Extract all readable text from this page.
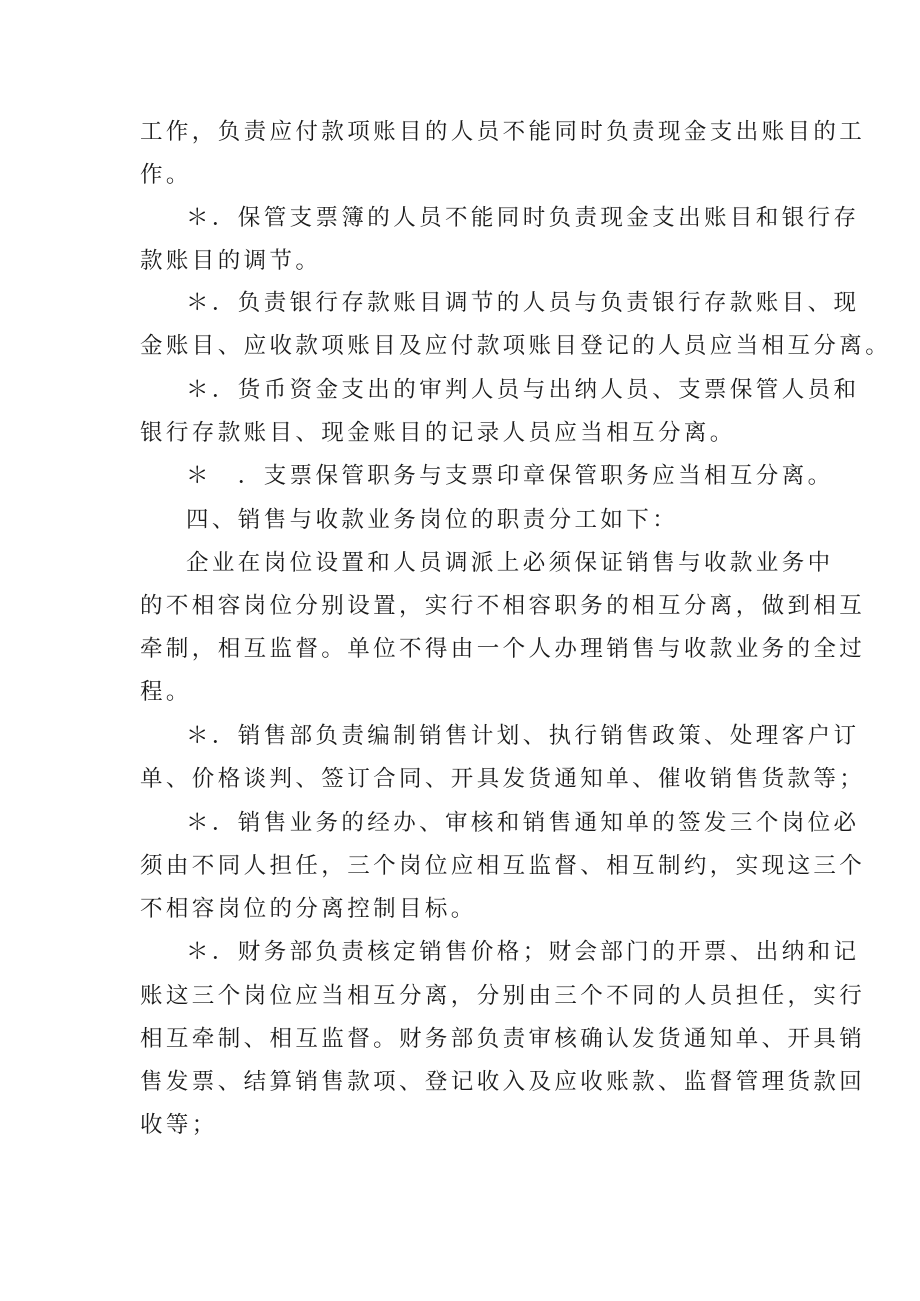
工作，负责应付款项账目的人员不能同时负责现金支出账目的工
作。
＊．保管支票簿的人员不能同时负责现金支出账目和银行存
款账目的调节。
＊．负责银行存款账目调节的人员与负责银行存款账目、现
金账目、应收款项账目及应付款项账目登记的人员应当相互分离。
＊．货币资金支出的审判人员与出纳人员、支票保管人员和
银行存款账目、现金账目的记录人员应当相互分离。
＊　．支票保管职务与支票印章保管职务应当相互分离。
四、销售与收款业务岗位的职责分工如下：
企业在岗位设置和人员调派上必须保证销售与收款业务中
的不相容岗位分别设置，实行不相容职务的相互分离，做到相互
牵制，相互监督。单位不得由一个人办理销售与收款业务的全过
程。
＊．销售部负责编制销售计划、执行销售政策、处理客户订
单、价格谈判、签订合同、开具发货通知单、催收销售货款等；
＊．销售业务的经办、审核和销售通知单的签发三个岗位必
须由不同人担任，三个岗位应相互监督、相互制约，实现这三个
不相容岗位的分离控制目标。
＊．财务部负责核定销售价格；财会部门的开票、出纳和记
账这三个岗位应当相互分离，分别由三个不同的人员担任，实行
相互牵制、相互监督。财务部负责审核确认发货通知单、开具销
售发票、结算销售款项、登记收入及应收账款、监督管理货款回
收等；
